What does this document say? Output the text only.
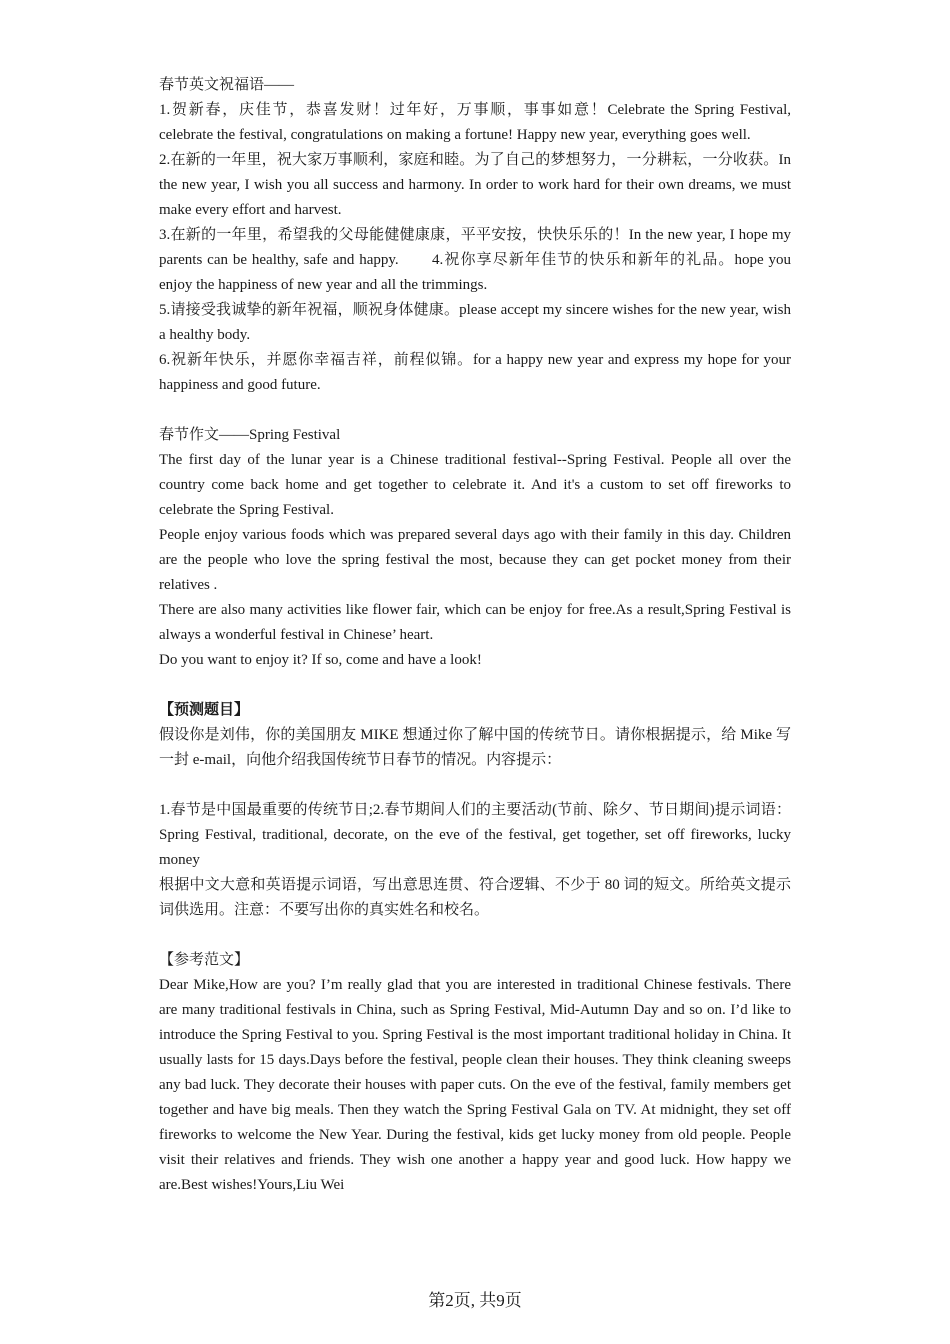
春节英文祝福语——

1.贺新春，庆佳节，恭喜发财！过年好，万事顺，事事如意！Celebrate the Spring Festival, celebrate the festival, congratulations on making a fortune! Happy new year, everything goes well.

2.在新的一年里，祝大家万事顺利，家庭和睦。为了自己的梦想努力，一分耕耘，一分收获。In the new year, I wish you all success and harmony. In order to work hard for their own dreams, we must make every effort and harvest.

3.在新的一年里，希望我的父母能健健康康，平平安按，快快乐乐的！In the new year, I hope my parents can be healthy, safe and happy.　　4.祝你享尽新年佳节的快乐和新年的礼品。hope you enjoy the happiness of new year and all the trimmings.

5.请接受我诚挚的新年祝福，顺祝身体健康。please accept my sincere wishes for the new year, wish a healthy body.

6.祝新年快乐，并愿你幸福吉祥，前程似锦。for a happy new year and express my hope for your happiness and good future.

春节作文——Spring Festival

The first day of the lunar year is a Chinese traditional festival--Spring Festival. People all over the country come back home and get together to celebrate it. And it's a custom to set off fireworks to celebrate the Spring Festival.

People enjoy various foods which was prepared several days ago with their family in this day. Children are the people who love the spring festival the most, because they can get pocket money from their relatives .

There are also many activities like flower fair, which can be enjoy for free.As a result,Spring Festival is always a wonderful festival in Chinese’ heart.

Do you want to enjoy it? If so, come and have a look!

【预测题目】

假设你是刘伟，你的美国朋友 MIKE 想通过你了解中国的传统节日。请你根据提示，给 Mike 写一封 e-mail，向他介绍我国传统节日春节的情况。内容提示：

1.春节是中国最重要的传统节日;2.春节期间人们的主要活动(节前、除夕、节日期间)提示词语：Spring Festival, traditional, decorate, on the eve of the festival, get together, set off fireworks, lucky money

根据中文大意和英语提示词语，写出意思连贯、符合逻辑、不少于 80 词的短文。所给英文提示词供选用。注意：不要写出你的真实姓名和校名。

【参考范文】

Dear Mike,How are you? I’m really glad that you are interested in traditional Chinese festivals. There are many traditional festivals in China, such as Spring Festival, Mid-Autumn Day and so on. I’d like to introduce the Spring Festival to you. Spring Festival is the most important traditional holiday in China. It usually lasts for 15 days.Days before the festival, people clean their houses. They think cleaning sweeps any bad luck. They decorate their houses with paper cuts. On the eve of the festival, family members get together and have big meals. Then they watch the Spring Festival Gala on TV. At midnight, they set off fireworks to welcome the New Year. During the festival, kids get lucky money from old people. People visit their relatives and friends. They wish one another a happy year and good luck. How happy we are.Best wishes!Yours,Liu Wei

第2页, 共9页
